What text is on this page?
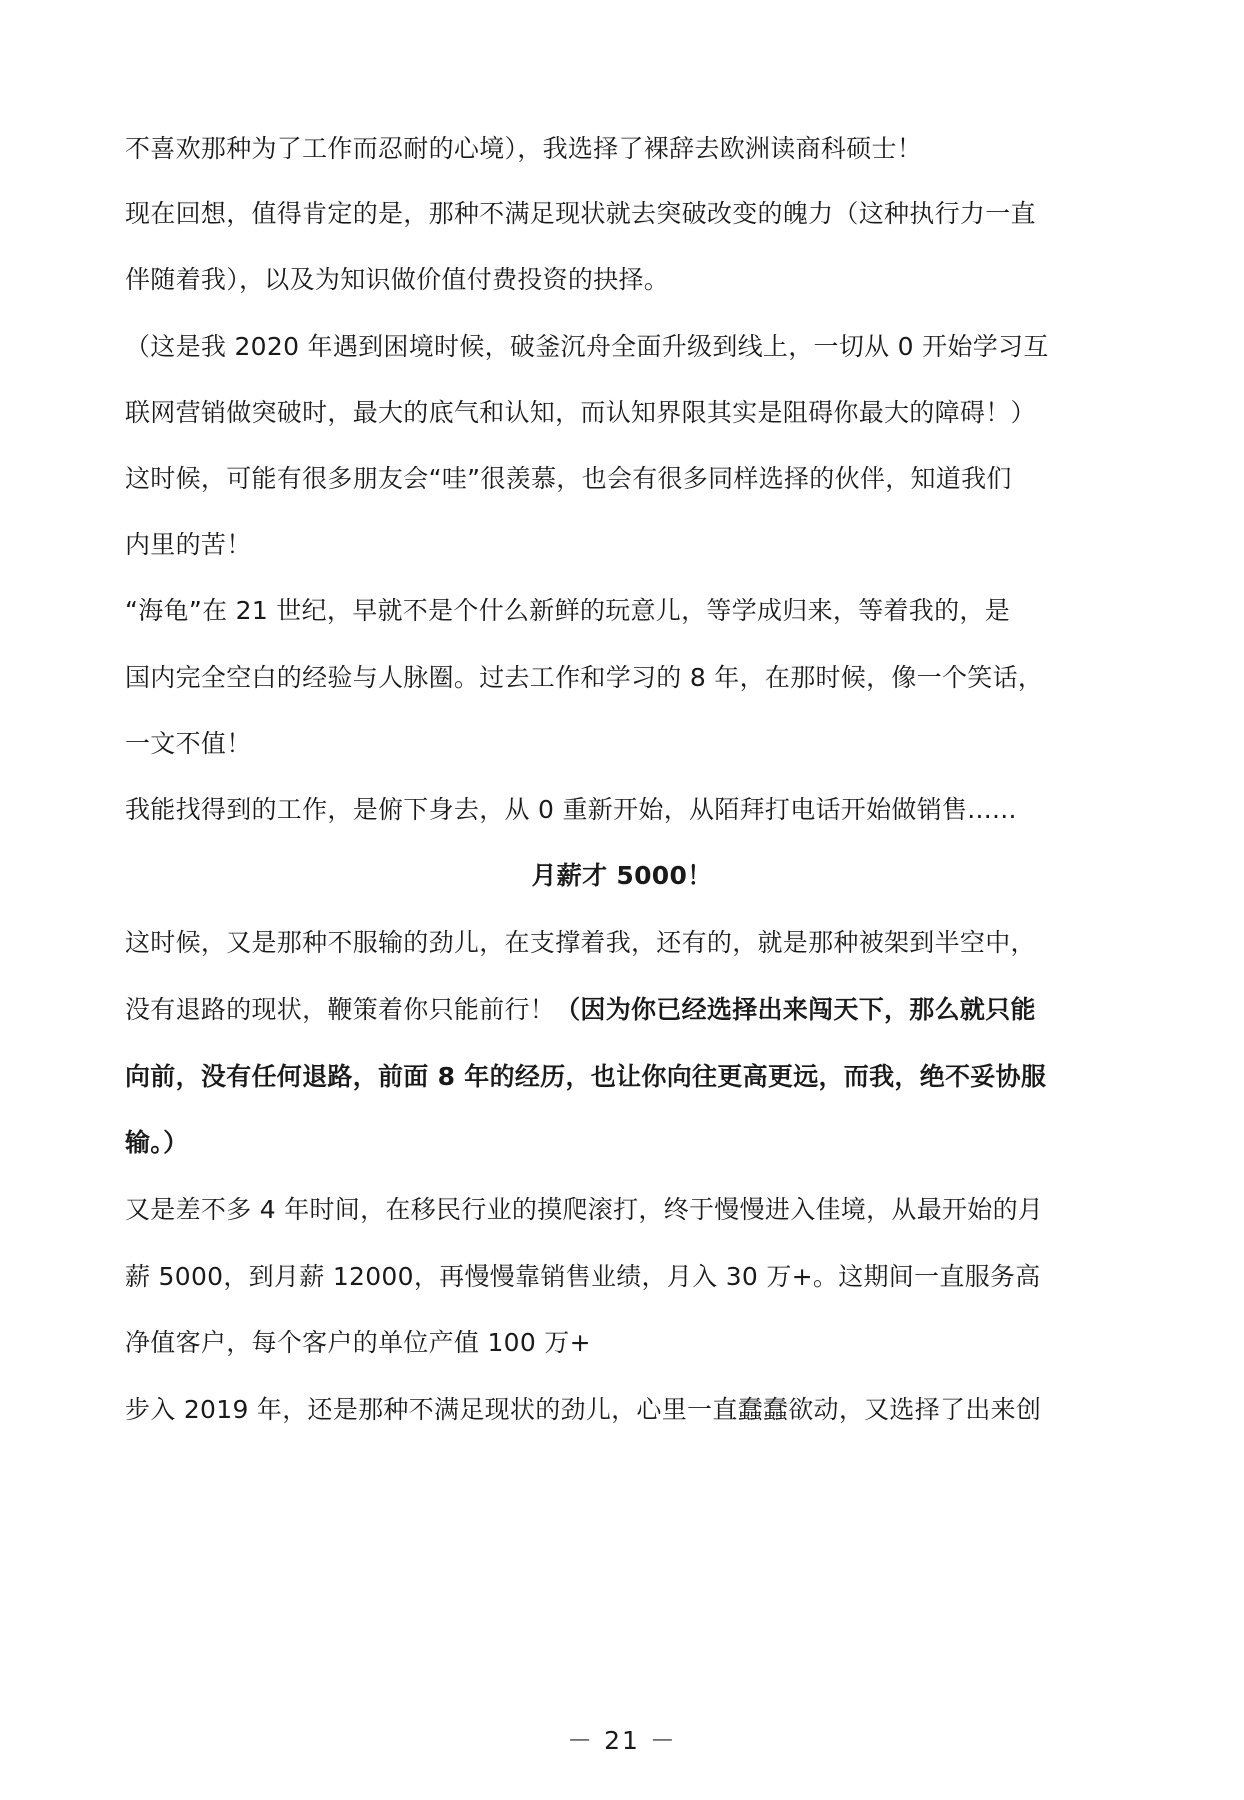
不喜欢那种为了工作而忍耐的心境），我选择了裸辞去欧洲读商科硕士！
现在回想，值得肯定的是，那种不满足现状就去突破改变的魄力（这种执行力一直
伴随着我），以及为知识做价值付费投资的抉择。
（这是我 2020 年遇到困境时候，破釜沉舟全面升级到线上，一切从 0 开始学习互
联网营销做突破时，最大的底气和认知，而认知界限其实是阻碍你最大的障碍！）
这时候，可能有很多朋友会“哇”很羡慕，也会有很多同样选择的伙伴，知道我们
内里的苦！
“海龟”在 21 世纪，早就不是个什么新鲜的玩意儿，等学成归来，等着我的，是
国内完全空白的经验与人脉圈。过去工作和学习的 8 年，在那时候，像一个笑话，
一文不值！
我能找得到的工作，是俯下身去，从 0 重新开始，从陌拜打电话开始做销售......
月薪才 5000！
这时候，又是那种不服输的劲儿，在支撑着我，还有的，就是那种被架到半空中，
没有退路的现状，鞭策着你只能前行！（因为你已经选择出来闯天下，那么就只能
向前，没有任何退路，前面 8 年的经历，也让你向往更高更远，而我，绝不妥协服
输。）
又是差不多 4 年时间，在移民行业的摸爬滚打，终于慢慢进入佳境，从最开始的月
薪 5000，到月薪 12000，再慢慢靠销售业绩，月入 30 万+。这期间一直服务高
净值客户，每个客户的单位产值 100 万+
步入 2019 年，还是那种不满足现状的劲儿，心里一直蠢蠢欲动，又选择了出来创
－ 21 －
